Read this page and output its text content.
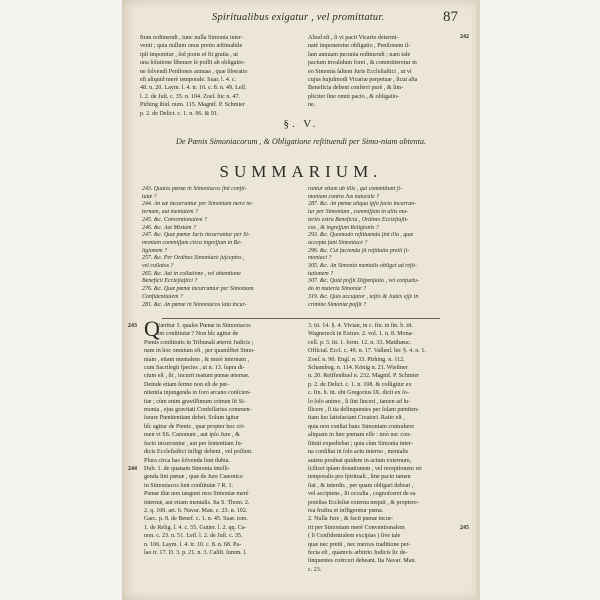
Spiritualibus exigatur , vel promittatur.	87
ftum redimendi , tunc nulla Simonia inter-
venit ; quia nullum onus pretio æſtimabile
ipſi imponitur , ſed ponis ei fit gratia , ut
una ſolutione liberare ſe poſſit ab obligatio-
ne ſolvendi Penſiones annuas , quæ liberatio
eſt aliquid merè temporale. Suar. l. 4. c.
48. n. 20. Laym. l. 4. tr. 10. c. 8. n. 49. Leſſ.
l. 2. de Juſt. c. 35. n. 104. Zoeſ. hic n. 47.
Pirhing ibid. num. 115. Magnif. P. Schmier
p. 2. de Delict. c. 1. n. 96. & 91.
Aliud eſt , ſi vi pacti Vicario determi-
natè imponeretur obligatio , Penſionem il-
lam annuam pecunia redimendi ; nam tale
pactum invalidum foret , & committeretur in
eo Simonia ſaltem Juris Eccleſiaſtici , ut vi
cujus hujuſmodi Vicariæ perpetuæ , ſicut alia
Beneficia debent conferri purè , & ſim-
pliciter ſine omni pacto , & obligatio-
ne.
242
§. V.
De Pœnis Simoniacorum , & Obligatione reſtituendi per Simo-niam obtenta.
SUMMARIUM.
243. Quales pœnæ in Simoniacos ſint conſti-
tutæ ?
244. An eæ incurrantur per Simoniam merè in-
ternam, aut mentalem ?
245. &c. Conventionalem ?
246. &c. Aut Mixtam ?
247. &c. Quæ pœnæ Juris incurrantur per Si-
moniam commiſſam circa ingreſſum in Re-
ligionem ?
257. &c. Per Ordines Simoniacè ſuſceptos ,
vel collatos ?
265. &c. Aut in collatione , vel obtentione
Beneficii Eccleſiaſtici ?
276. &c. Quæ pœnæ incurrantur per Simoniam
Confidentialem ?
281. &c. An pœnæ in Simoniacos lata incur-
rantur etiam ab illis , qui committunt ſi-
moniam contra Jus naturale ?
287. &c. An pœnæ aliqua ipſo facto incurran-
tur per Simoniam , commiſſam in aliis ma-
teriis extra Beneficia , Ordines Eccleſiaſti-
cos , & ingreſſum Religionis ?
293. &c. Quomodo reſtituenda ſint illa , quæ
accepta ſunt Simoniacè ?
296. &c. Cui facienda ſit reſtitutio pretii ſi-
moniaci ?
305. &c. An Simonia mentalis obliget ad reſti-
tutionem ?
307. &c. Quid poſſit Diſpenſatio , vel conſuetu-
do in materia Simoniæ ?
319. &c. Quis accuſator , teſtis & Judex eſſe in
crimine Simoniæ poſſit ?
Q
243
244
245
Uæritur 1. quales Pœnæ in Simoniacos
ſint conſtitutæ ? Non hîc agitur de
Pœnis conſtitutis in Tribunali æterni Judicis ;
nam in hoc omnium eſt , per quamlibet Simo-
niam , etiam mentalem , & merè internam ,
cum Sacrilegii ſpecies , ut n. 13. ſupra di-
ctum eſt , ſit , incurri reatum pœnæ æternæ.
Deinde etiam ſermo non eſt de pœ-
nitentia injungenda in foro arcano conſcien-
tiæ ; cùm enim graviſſimum crimen ſit Si-
monia , ejus gravitati Confeſſarius commen-
ſurare Pœnitentiam debet. Solum igitur
hîc agitur de Pœnis , quæ propter hoc cri-
men vi SS. Canonum , aut ipſo Jure , &
facto incurruntur , aut per ſententiam Ju-
dicis Eccleſiaſtici infligi debent , vel poſſunt.
Plura circa has ſolvenda ſunt dubia.
Dub. 1. de quanam Simonia intelli-
genda ſint pœnæ , quæ de Jure Canonico
in Simoniacos ſunt conſtitutæ ? R. 1.
Pœnæ iſtæ non tangunt reos Simoniæ merè
internæ, aut etiam mentalis. Ita S. Thom. 2.
2. q. 100. art. 6. Navar. Man. c. 23. n. 102.
Garc. p. 8. de Benef. c. 1. n. 45. Suar. tom.
1. de Relig. l. 4. c. 55. Gutier. l. 2. qq. Ca-
non. c. 23. n. 51. Leſſ. l. 2. de Juſt. c. 35.
n. 106. Laym. l. 4. tr. 10. c. 8. n. 68. Pa-
lao tr. 17. D. 3. p. 21. n. 3. Caſiſt. ſumm. l.
3. tit. 14. §. 4. Vivian, in c. fin. in ſin. b. tit.
Wagnereck in Extrav. 2. vol. 1. n. 8. Mona-
cell. p. 3. tit. 1. form. 12. n. 33. Matthæuc.
Official. Eccl. c. 49. n. 17. Vallenſ. hic §. 4. n. 1.
Zoeſ. n. 90. Engl. n. 33. Pirhing. n. 112.
Schambog. n. 114. König n. 21. Wieſtner
n. 20. Reiffenſtuel n. 232. Magnif. P. Schmier
p. 2. de Delict. c. 1. n. 108. & colligitur ex
c. fin. h. tit. ubi Gregorius IX. dicit ex ſo-
lo ſolo animo , ſi ſint ſinceri , tamen ad ſu-
ſſicere , ſi ita delinquentes per ſolam pœniten-
tiam ſuo ſatisfaciant Creatori. Ratio eſt ,
quia non conſtat hanc Simoniam contrahere
aliquam in ſure pœnam eſſe : imò nec con-
ſtituti expediebat ; quia cùm Simonia inter-
na conſiſtat in ſolo actu interno , mentalis
autem prodeat quidem in actum externum,
ſcilicet ipſam donationem , vel receptionem rei
temporalis pro ſpirituali , ſine pacto tamen
ſiat , & interdis , per quam obligari debeat ,
vel accipiens , ſit occulta , cognoſceret de ea
poteſtas Eccleſiæ externa nequit , & proptere-
rea fruſtra et infligeretur pœna.
2. Nulla Jure , & facti pœnæ incur-
rit per Simoniam merè Conventionalem
( ſi Confidentialem excipias ) ſive tale
quæ nec pretii , nec merces traditione per-
fecta eſt , quamvis arbitrio Judicis ſic de-
linquentes coërceri debeant. Ita Navar. Man.
c. 23.
